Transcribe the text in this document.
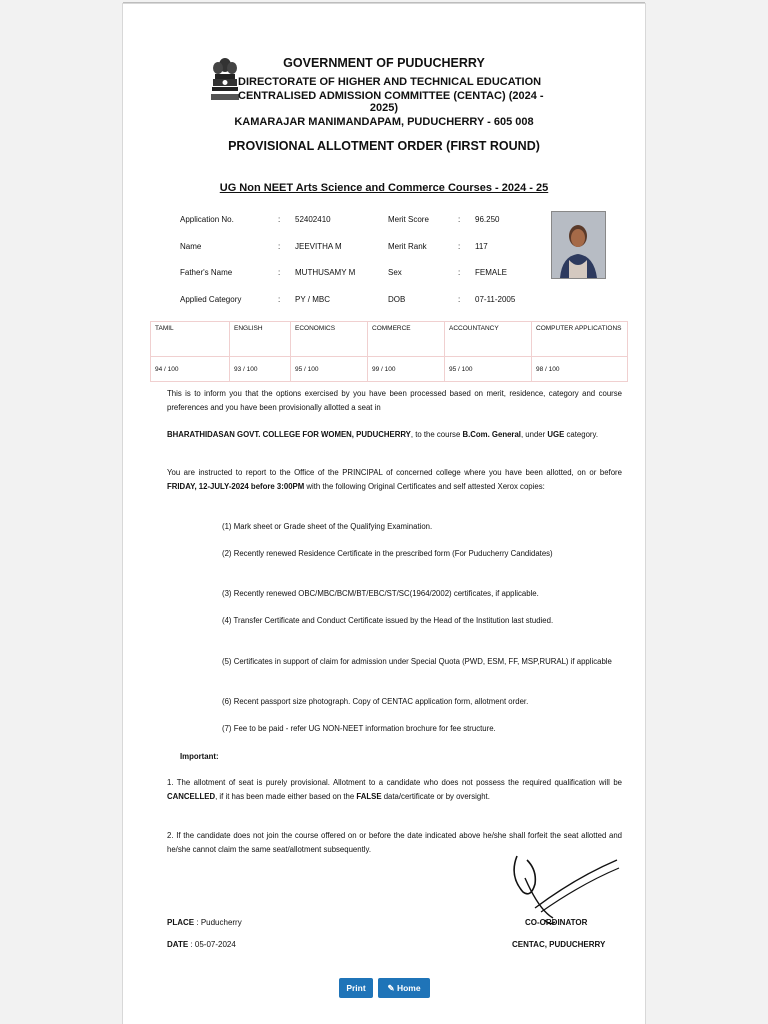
GOVERNMENT OF PUDUCHERRY
DIRECTORATE OF HIGHER AND TECHNICAL EDUCATION
CENTRALISED ADMISSION COMMITTEE (CENTAC) (2024 -
2025)
KAMARAJAR MANIMANDAPAM, PUDUCHERRY - 605 008
PROVISIONAL ALLOTMENT ORDER (FIRST ROUND)
UG Non NEET Arts Science and Commerce Courses - 2024 - 25
Application No.	: 52402410	Merit Score	: 96.250
Name	: JEEVITHA M	Merit Rank	: 117
Father's Name	: MUTHUSAMY M	Sex	: FEMALE
Applied Category	: PY / MBC	DOB	: 07-11-2005
TAMIL	ENGLISH	ECONOMICS	COMMERCE	ACCOUNTANCY	COMPUTER APPLICATIONS
94 / 100	93 / 100	95 / 100	99 / 100	95 / 100	98 / 100
This is to inform you that the options exercised by you have been processed based on merit, residence, category and course preferences and you have been provisionally allotted a seat in
BHARATHIDASAN GOVT. COLLEGE FOR WOMEN, PUDUCHERRY, to the course B.Com. General, under UGE category.
You are instructed to report to the Office of the PRINCIPAL of concerned college where you have been allotted, on or before FRIDAY, 12-JULY-2024 before 3:00PM with the following Original Certificates and self attested Xerox copies:
(1) Mark sheet or Grade sheet of the Qualifying Examination.
(2) Recently renewed Residence Certificate in the prescribed form (For Puducherry Candidates)
(3) Recently renewed OBC/MBC/BCM/BT/EBC/ST/SC(1964/2002) certificates, if applicable.
(4) Transfer Certificate and Conduct Certificate issued by the Head of the Institution last studied.
(5) Certificates in support of claim for admission under Special Quota (PWD, ESM, FF, MSP,RURAL) if applicable
(6) Recent passport size photograph. Copy of CENTAC application form, allotment order.
(7) Fee to be paid - refer UG NON-NEET information brochure for fee structure.
Important:
1. The allotment of seat is purely provisional. Allotment to a candidate who does not possess the required qualification will be CANCELLED, if it has been made either based on the FALSE data/certificate or by oversight.
2. If the candidate does not join the course offered on or before the date indicated above he/she shall forfeit the seat allotted and he/she cannot claim the same seat/allotment subsequently.
PLACE : Puducherry
DATE : 05-07-2024
CO-ORDINATOR
CENTAC, PUDUCHERRY
Print	✎ Home
